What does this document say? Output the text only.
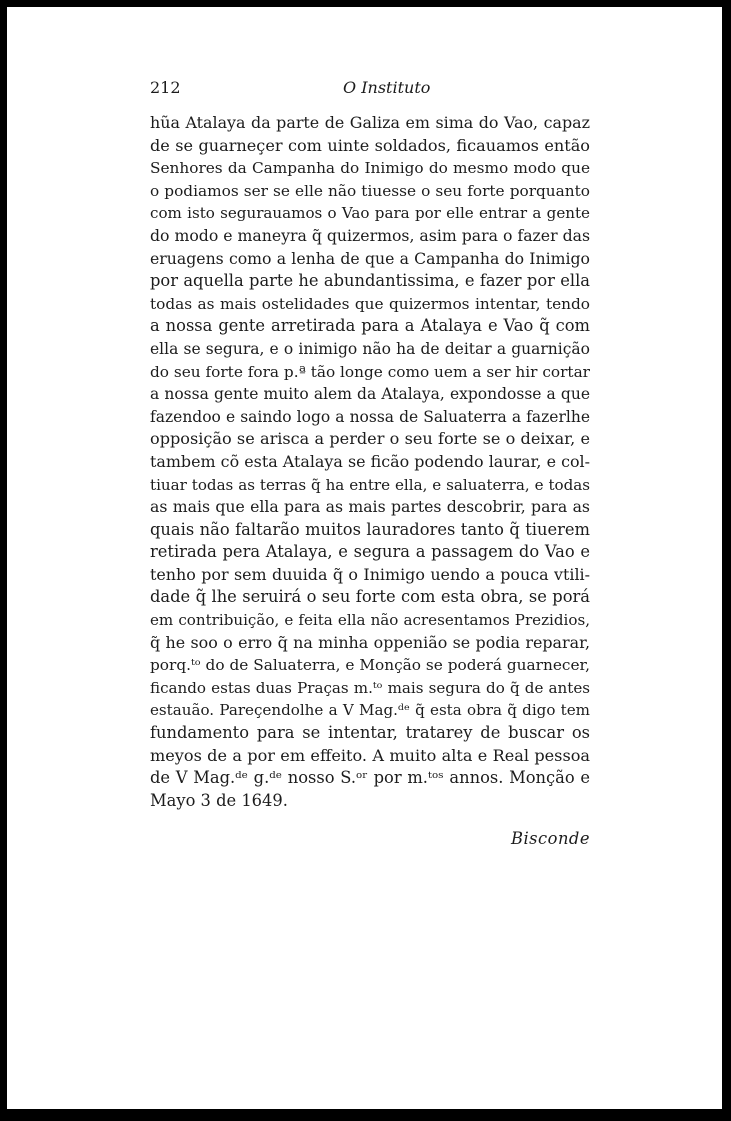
212	O Instituto
hũa Atalaya da parte de Galiza em sima do Vao, capaz
de se guarneçer com uinte soldados, ficauamos então
Senhores da Campanha do Inimigo do mesmo modo que
o podiamos ser se elle não tiuesse o seu forte porquanto
com isto segurauamos o Vao para por elle entrar a gente
do modo e maneyra q̃ quizermos, asim para o fazer das
eruagens como a lenha de que a Campanha do Inimigo
por aquella parte he abundantissima, e fazer por ella
todas as mais ostelidades que quizermos intentar, tendo
a nossa gente arretirada para a Atalaya e Vao q̃ com
ella se segura, e o inimigo não ha de deitar a guarnição
do seu forte fora p.ª tão longe como uem a ser hir cortar
a nossa gente muito alem da Atalaya, expondosse a que
fazendoo e saindo logo a nossa de Saluaterra a fazerlhe
opposição se arisca a perder o seu forte se o deixar, e
tambem cõ esta Atalaya se ficão podendo laurar, e col-
tiuar todas as terras q̃ ha entre ella, e saluaterra, e todas
as mais que ella para as mais partes descobrir, para as
quais não faltarão muitos lauradores tanto q̃ tiuerem
retirada pera Atalaya, e segura a passagem do Vao e
tenho por sem duuida q̃ o Inimigo uendo a pouca vtili-
dade q̃ lhe seruirá o seu forte com esta obra, se porá
em contribuição, e feita ella não acresentamos Prezidios,
q̃ he soo o erro q̃ na minha oppenião se podia reparar,
porq.ᵗᵒ do de Saluaterra, e Monção se poderá guarnecer,
ficando estas duas Praças m.ᵗᵒ mais segura do q̃ de antes
estauão. Pareçendolhe a V Mag.ᵈᵉ q̃ esta obra q̃ digo tem
fundamento para se intentar, tratarey de buscar os
meyos de a por em effeito. A muito alta e Real pessoa
de V Mag.ᵈᵉ g.ᵈᵉ nosso S.ᵒʳ por m.ᵗᵒˢ annos. Monção e
Mayo 3 de 1649.
Bisconde
